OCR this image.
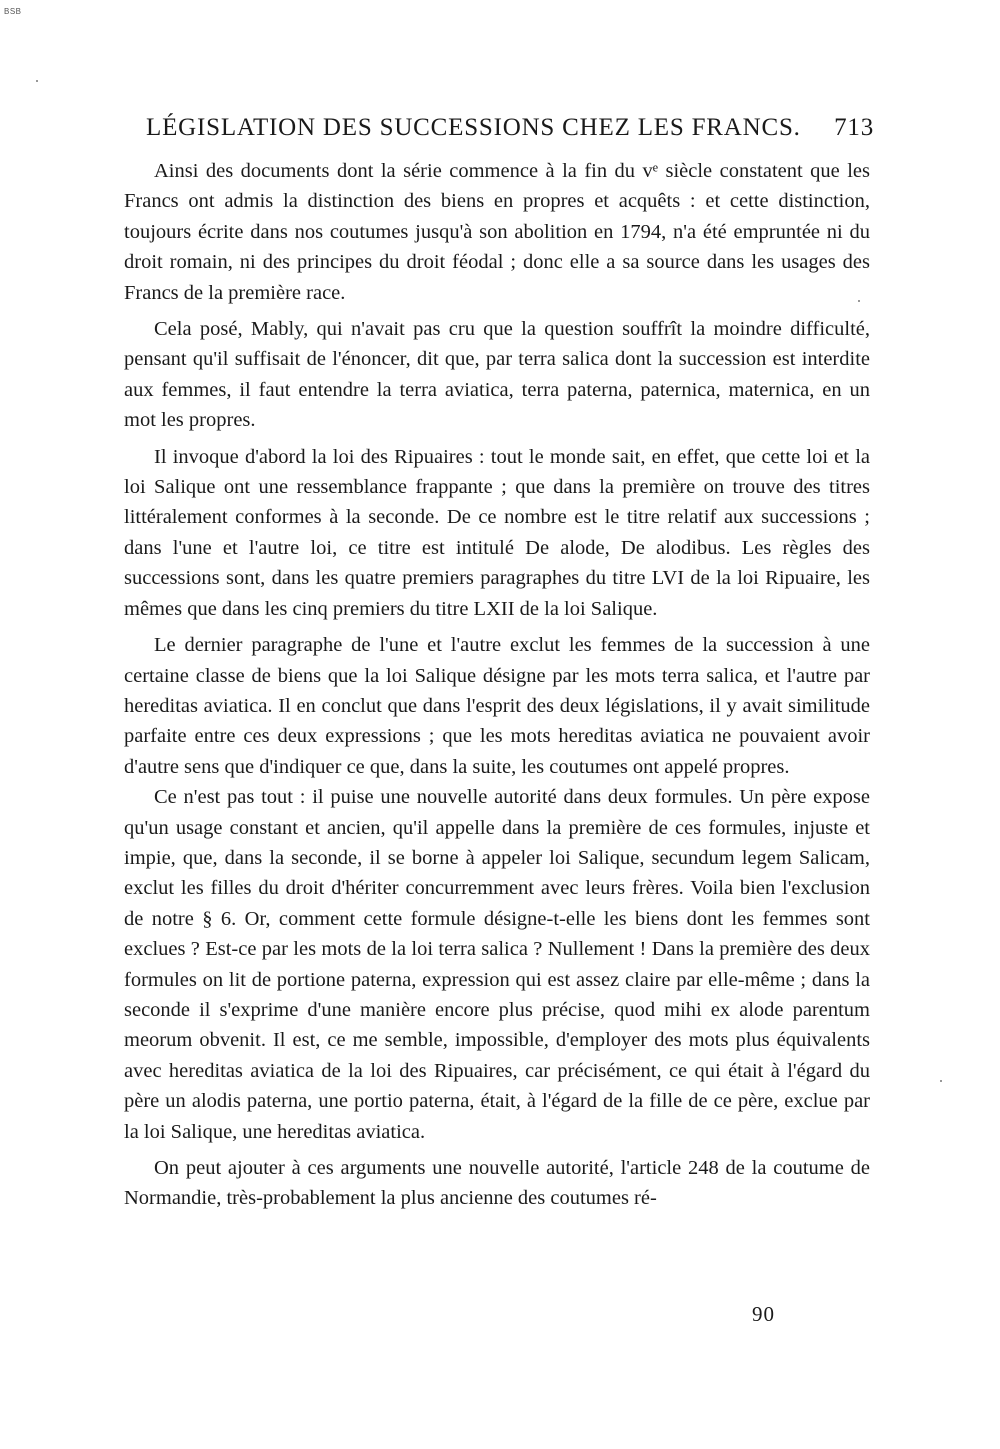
BSB
LÉGISLATION DES SUCCESSIONS CHEZ LES FRANCS. 713

Ainsi des documents dont la série commence à la fin du vᵉ siècle constatent que les Francs ont admis la distinction des biens en propres et acquêts : et cette distinction, toujours écrite dans nos coutumes jusqu'à son abolition en 1794, n'a été empruntée ni du droit romain, ni des principes du droit féodal ; donc elle a sa source dans les usages des Francs de la première race.

Cela posé, Mably, qui n'avait pas cru que la question souffrît la moindre difficulté, pensant qu'il suffisait de l'énoncer, dit que, par terra salica dont la succession est interdite aux femmes, il faut entendre la terra aviatica, terra paterna, paternica, maternica, en un mot les propres.

Il invoque d'abord la loi des Ripuaires : tout le monde sait, en effet, que cette loi et la loi Salique ont une ressemblance frappante ; que dans la première on trouve des titres littéralement conformes à la seconde. De ce nombre est le titre relatif aux successions ; dans l'une et l'autre loi, ce titre est intitulé De alode, De alodibus. Les règles des successions sont, dans les quatre premiers paragraphes du titre LVI de la loi Ripuaire, les mêmes que dans les cinq premiers du titre LXII de la loi Salique.

Le dernier paragraphe de l'une et l'autre exclut les femmes de la succession à une certaine classe de biens que la loi Salique désigne par les mots terra salica, et l'autre par hereditas aviatica. Il en conclut que dans l'esprit des deux législations, il y avait similitude parfaite entre ces deux expressions ; que les mots hereditas aviatica ne pouvaient avoir d'autre sens que d'indiquer ce que, dans la suite, les coutumes ont appelé propres.

Ce n'est pas tout : il puise une nouvelle autorité dans deux formules. Un père expose qu'un usage constant et ancien, qu'il appelle dans la première de ces formules, injuste et impie, que, dans la seconde, il se borne à appeler loi Salique, secundum legem Salicam, exclut les filles du droit d'hériter concurremment avec leurs frères. Voila bien l'exclusion de notre § 6. Or, comment cette formule désigne-t-elle les biens dont les femmes sont exclues ? Est-ce par les mots de la loi terra salica ? Nullement ! Dans la première des deux formules on lit de portione paterna, expression qui est assez claire par elle-même ; dans la seconde il s'exprime d'une manière encore plus précise, quod mihi ex alode parentum meorum obvenit. Il est, ce me semble, impossible, d'employer des mots plus équivalents avec hereditas aviatica de la loi des Ripuaires, car précisément, ce qui était à l'égard du père un alodis paterna, une portio paterna, était, à l'égard de la fille de ce père, exclue par la loi Salique, une hereditas aviatica.

On peut ajouter à ces arguments une nouvelle autorité, l'article 248 de la coutume de Normandie, très-probablement la plus ancienne des coutumes ré-

90
